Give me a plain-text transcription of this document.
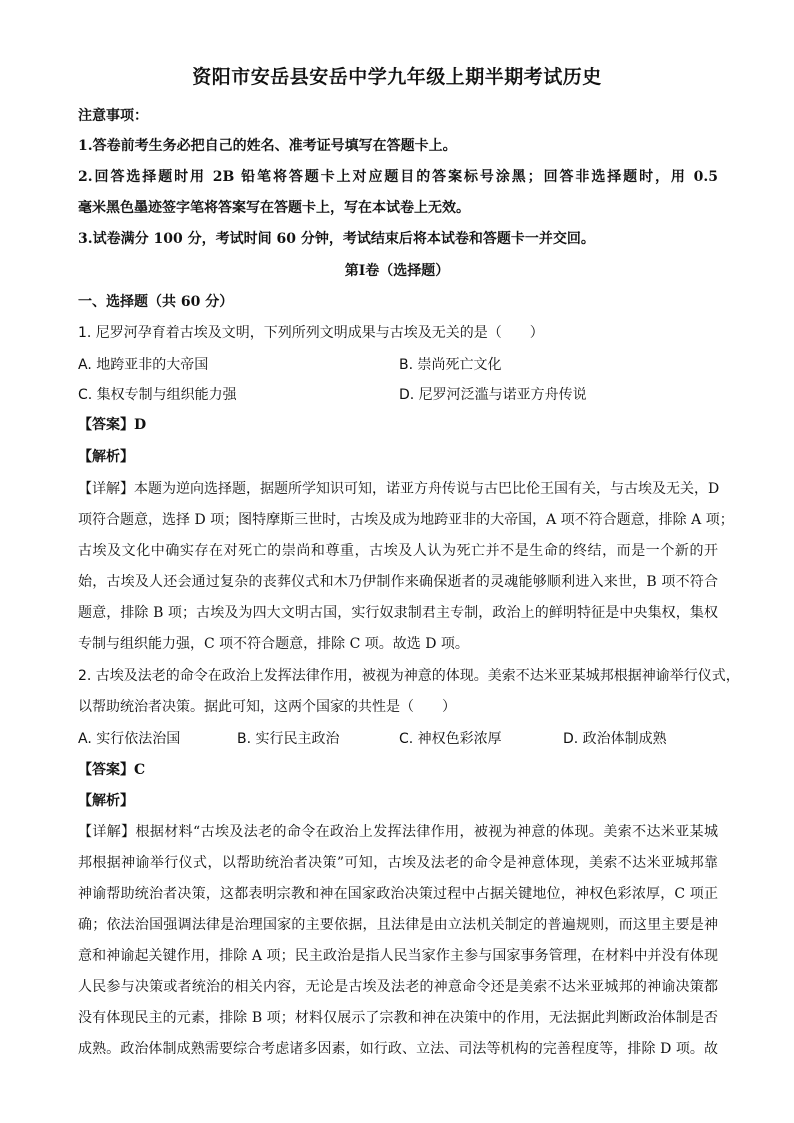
资阳市安岳县安岳中学九年级上期半期考试历史
注意事项：
1.答卷前考生务必把自己的姓名、准考证号填写在答题卡上。
2.回答选择题时用 2B 铅笔将答题卡上对应题目的答案标号涂黑；回答非选择题时，用 0.5
毫米黑色墨迹签字笔将答案写在答题卡上，写在本试卷上无效。
3.试卷满分 100 分，考试时间 60 分钟，考试结束后将本试卷和答题卡一并交回。
第Ⅰ卷（选择题）
一、选择题（共 60 分）
1. 尼罗河孕育着古埃及文明，下列所列文明成果与古埃及无关的是（　　）
A. 地跨亚非的大帝国	B. 崇尚死亡文化
C. 集权专制与组织能力强	D. 尼罗河泛滥与诺亚方舟传说
【答案】D
【解析】
【详解】本题为逆向选择题，据题所学知识可知，诺亚方舟传说与古巴比伦王国有关，与古埃及无关，D
项符合题意，选择 D 项；图特摩斯三世时，古埃及成为地跨亚非的大帝国，A 项不符合题意，排除 A 项；
古埃及文化中确实存在对死亡的崇尚和尊重，古埃及人认为死亡并不是生命的终结，而是一个新的开
始，古埃及人还会通过复杂的丧葬仪式和木乃伊制作来确保逝者的灵魂能够顺利进入来世，B 项不符合
题意，排除 B 项；古埃及为四大文明古国，实行奴隶制君主专制，政治上的鲜明特征是中央集权，集权
专制与组织能力强，C 项不符合题意，排除 C 项。故选 D 项。
2. 古埃及法老的命令在政治上发挥法律作用，被视为神意的体现。美索不达米亚某城邦根据神谕举行仪式，
以帮助统治者决策。据此可知，这两个国家的共性是（　　）
A. 实行依法治国	B. 实行民主政治	C. 神权色彩浓厚	D. 政治体制成熟
【答案】C
【解析】
【详解】根据材料“古埃及法老的命令在政治上发挥法律作用，被视为神意的体现。美索不达米亚某城
邦根据神谕举行仪式，以帮助统治者决策”可知，古埃及法老的命令是神意体现，美索不达米亚城邦靠
神谕帮助统治者决策，这都表明宗教和神在国家政治决策过程中占据关键地位，神权色彩浓厚，C 项正
确；依法治国强调法律是治理国家的主要依据，且法律是由立法机关制定的普遍规则，而这里主要是神
意和神谕起关键作用，排除 A 项；民主政治是指人民当家作主参与国家事务管理，在材料中并没有体现
人民参与决策或者统治的相关内容，无论是古埃及法老的神意命令还是美索不达米亚城邦的神谕决策都
没有体现民主的元素，排除 B 项；材料仅展示了宗教和神在决策中的作用，无法据此判断政治体制是否
成熟。政治体制成熟需要综合考虑诸多因素，如行政、立法、司法等机构的完善程度等，排除 D 项。故
